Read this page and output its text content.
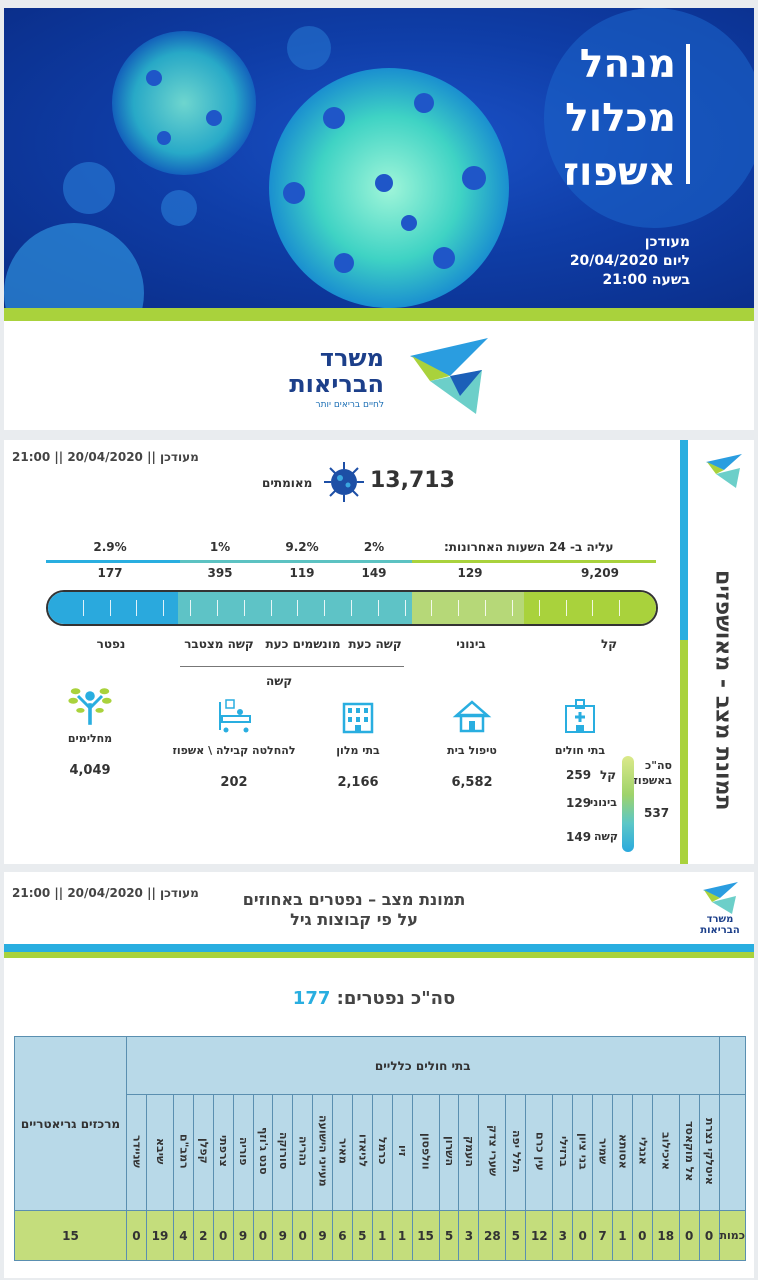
מנהל
מכלול
אשפוז
מעודכן
ליום 20/04/2020
בשעה 21:00
משרד
הבריאות
לחיים בריאים יותר
מעודכן || 20/04/2020 || 21:00
תמונת מצב - מאושפזים
13,713
מאומתים
עליה ב- 24 השעות האחרונות:
2%
9.2%
1%
2.9%
9,209
129
149
119
395
177
קל
בינוני
קשה כעת
מונשמים כעת
קשה מצטבר
נפטר
קשה
בתי חולים
טיפול בית
6,582
בתי מלון
2,166
להחלטה קבילה \ אשפוז
202
מחלימים
4,049	סה"כ באשפוז
537
קל
259
בינוני
129
קשה
149
מעודכן || 20/04/2020 || 21:00	תמונת מצב – נפטרים באחוזים
על פי קבוצות גיל	משרד
הבריאות
סה"כ נפטרים: 177
	בתי חולים כלליים																												מרכזים גריאטריים
	איטלקי נצרת	אל מוקאסד	איכילוב	אנגלי	אסותא	שמיר	בני ציון	ברזילי	עין כרם	הלל יפה	שערי צדק	העמק	השרון	וולפסון	זיו	כרמל	לניאדו	מאיר	מעייני הישועה	נהריה	סורוקה	סנט ג'וזף	פוריה	צרפתי	קפלן	רמב"ם	שיבא	שניידר	
כמות	0	0	18	0	1	7	0	3	12	5	28	3	5	15	1	1	5	6	9	0	9	0	9	0	2	4	19	0	15
